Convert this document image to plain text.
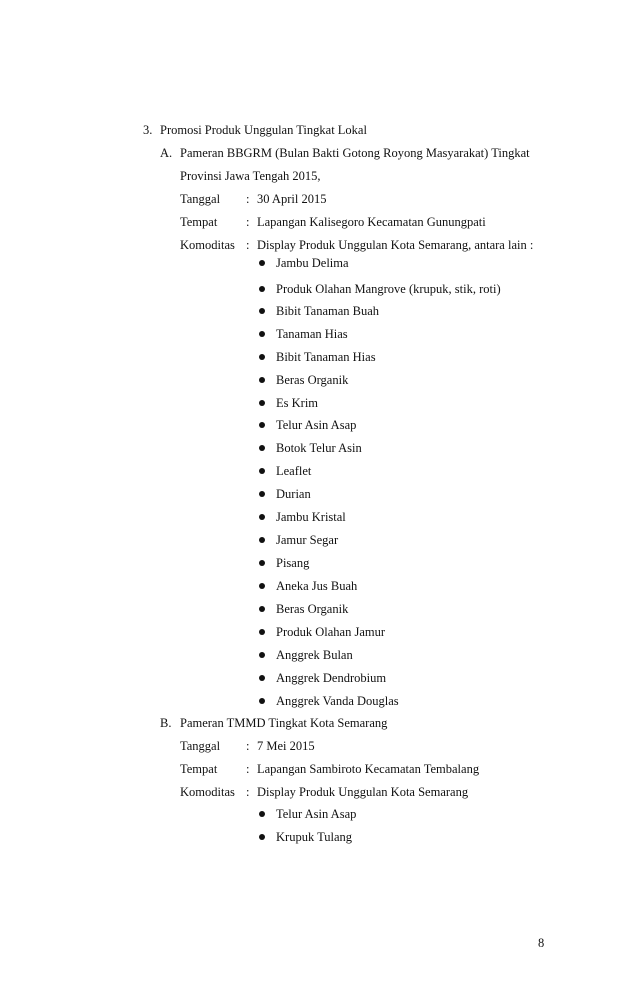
3. Promosi Produk Unggulan Tingkat Lokal
A. Pameran BBGRM (Bulan Bakti Gotong Royong Masyarakat) Tingkat
Provinsi Jawa Tengah 2015,
Tanggal : 30 April 2015
Tempat : Lapangan Kalisegoro Kecamatan Gunungpati
Komoditas : Display Produk Unggulan Kota Semarang, antara lain :
Jambu Delima
Produk Olahan Mangrove (krupuk, stik, roti)
Bibit Tanaman Buah
Tanaman Hias
Bibit Tanaman Hias
Beras Organik
Es Krim
Telur Asin Asap
Botok Telur Asin
Leaflet
Durian
Jambu Kristal
Jamur Segar
Pisang
Aneka Jus Buah
Beras Organik
Produk Olahan Jamur
Anggrek Bulan
Anggrek Dendrobium
Anggrek Vanda Douglas
B. Pameran TMMD Tingkat Kota Semarang
Tanggal : 7 Mei 2015
Tempat : Lapangan Sambiroto Kecamatan Tembalang
Komoditas : Display Produk Unggulan Kota Semarang
Telur Asin Asap
Krupuk Tulang
8
